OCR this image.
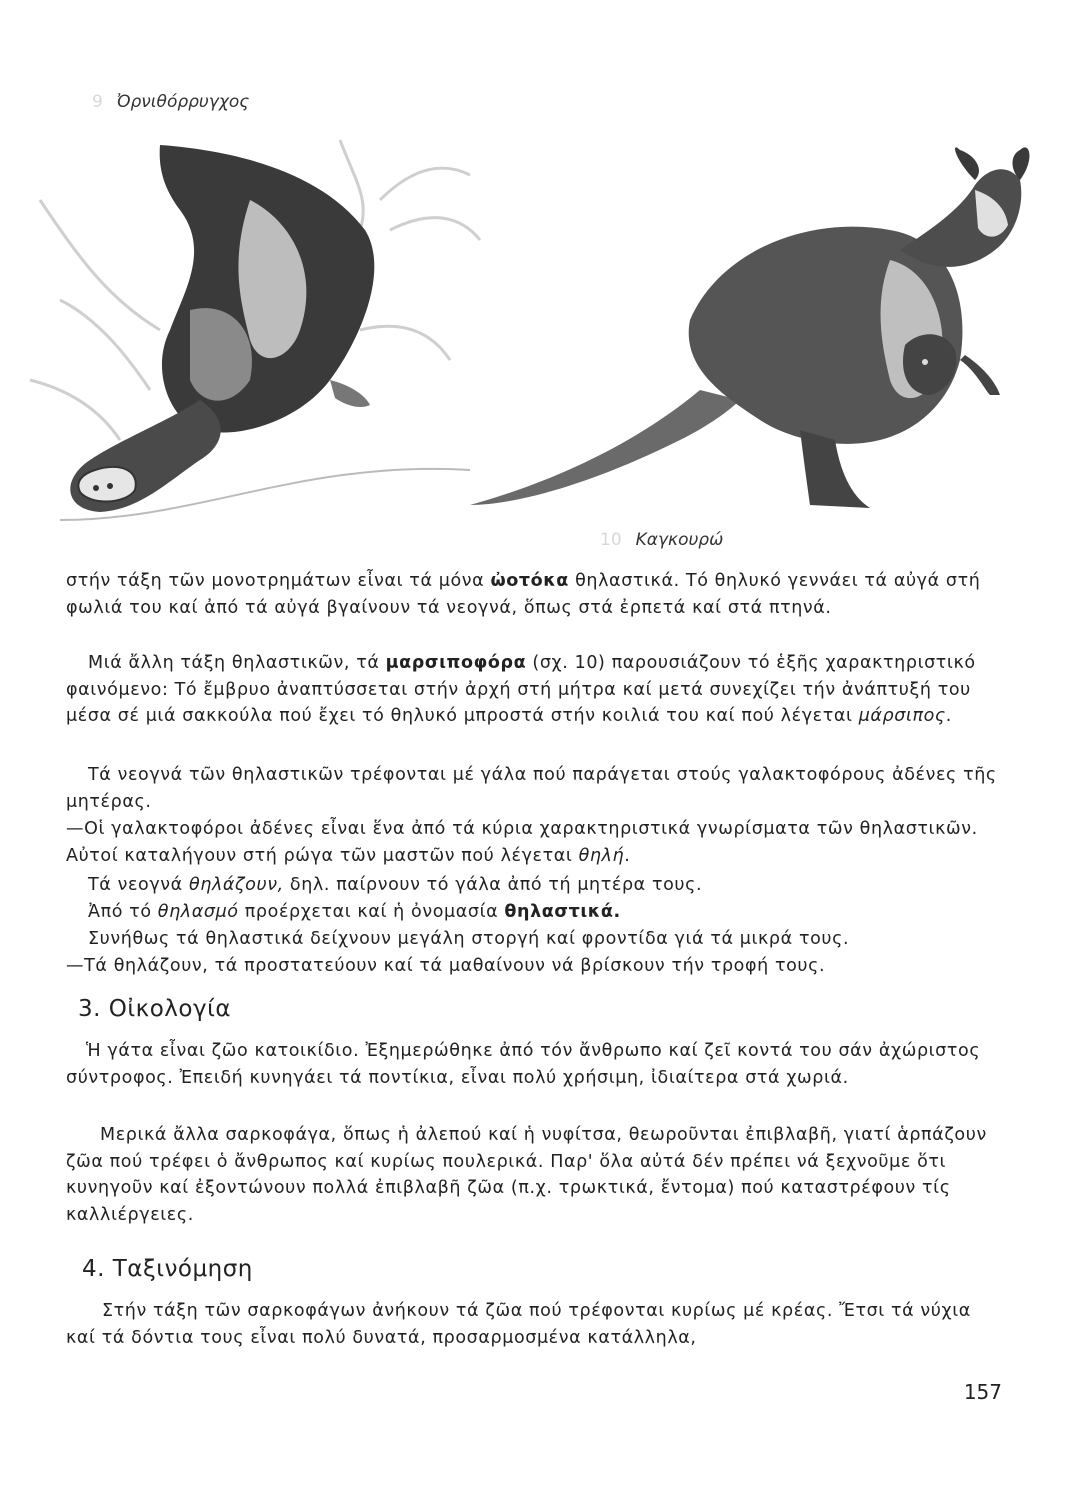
9 Ὀρνιθόρρυγχος
10 Καγκουρώ

στήν τάξη τῶν μονοτρημάτων εἶναι τά μόνα ὠοτόκα θηλαστικά. Τό θηλυκό γεννάει τά αὐγά στή φωλιά του καί ἀπό τά αὐγά βγαίνουν τά νεογνά, ὅπως στά ἐρπετά καί στά πτηνά.

Μιά ἄλλη τάξη θηλαστικῶν, τά μαρσιποφόρα (σχ. 10) παρουσιάζουν τό ἑξῆς χαρακτηριστικό φαινόμενο: Τό ἔμβρυο ἀναπτύσσεται στήν ἀρχή στή μήτρα καί μετά συνεχίζει τήν ἀνάπτυξή του μέσα σέ μιά σακκούλα πού ἔχει τό θηλυκό μπροστά στήν κοιλιά του καί πού λέγεται μάρσιπος.

Τά νεογνά τῶν θηλαστικῶν τρέφονται μέ γάλα πού παράγεται στούς γαλακτοφόρους ἀδένες τῆς μητέρας.

—Οἱ γαλακτοφόροι ἀδένες εἶναι ἕνα ἀπό τά κύρια χαρακτηριστικά γνωρίσματα τῶν θηλαστικῶν. Αὐτοί καταλήγουν στή ρώγα τῶν μαστῶν πού λέγεται θηλή.

Τά νεογνά θηλάζουν, δηλ. παίρνουν τό γάλα ἀπό τή μητέρα τους.

Ἀπό τό θηλασμό προέρχεται καί ἡ ὀνομασία θηλαστικά.

Συνήθως τά θηλαστικά δείχνουν μεγάλη στοργή καί φροντίδα γιά τά μικρά τους.

—Τά θηλάζουν, τά προστατεύουν καί τά μαθαίνουν νά βρίσκουν τήν τροφή τους.

3. Οἰκολογία

Ἡ γάτα εἶναι ζῶο κατοικίδιο. Ἐξημερώθηκε ἀπό τόν ἄνθρωπο καί ζεῖ κοντά του σάν ἀχώριστος σύντροφος. Ἐπειδή κυνηγάει τά ποντίκια, εἶναι πολύ χρήσιμη, ἰδιαίτερα στά χωριά.

Μερικά ἄλλα σαρκοφάγα, ὅπως ἡ ἀλεπού καί ἡ νυφίτσα, θεωροῦνται ἐπιβλαβῆ, γιατί ἁρπάζουν ζῶα πού τρέφει ὁ ἄνθρωπος καί κυρίως πουλερικά. Παρ' ὅλα αὐτά δέν πρέπει νά ξεχνοῦμε ὅτι κυνηγοῦν καί ἐξοντώνουν πολλά ἐπιβλαβῆ ζῶα (π.χ. τρωκτικά, ἔντομα) πού καταστρέφουν τίς καλλιέργειες.

4. Ταξινόμηση

Στήν τάξη τῶν σαρκοφάγων ἀνήκουν τά ζῶα πού τρέφονται κυρίως μέ κρέας. Ἔτσι τά νύχια καί τά δόντια τους εἶναι πολύ δυνατά, προσαρμοσμένα κατάλληλα,

157
